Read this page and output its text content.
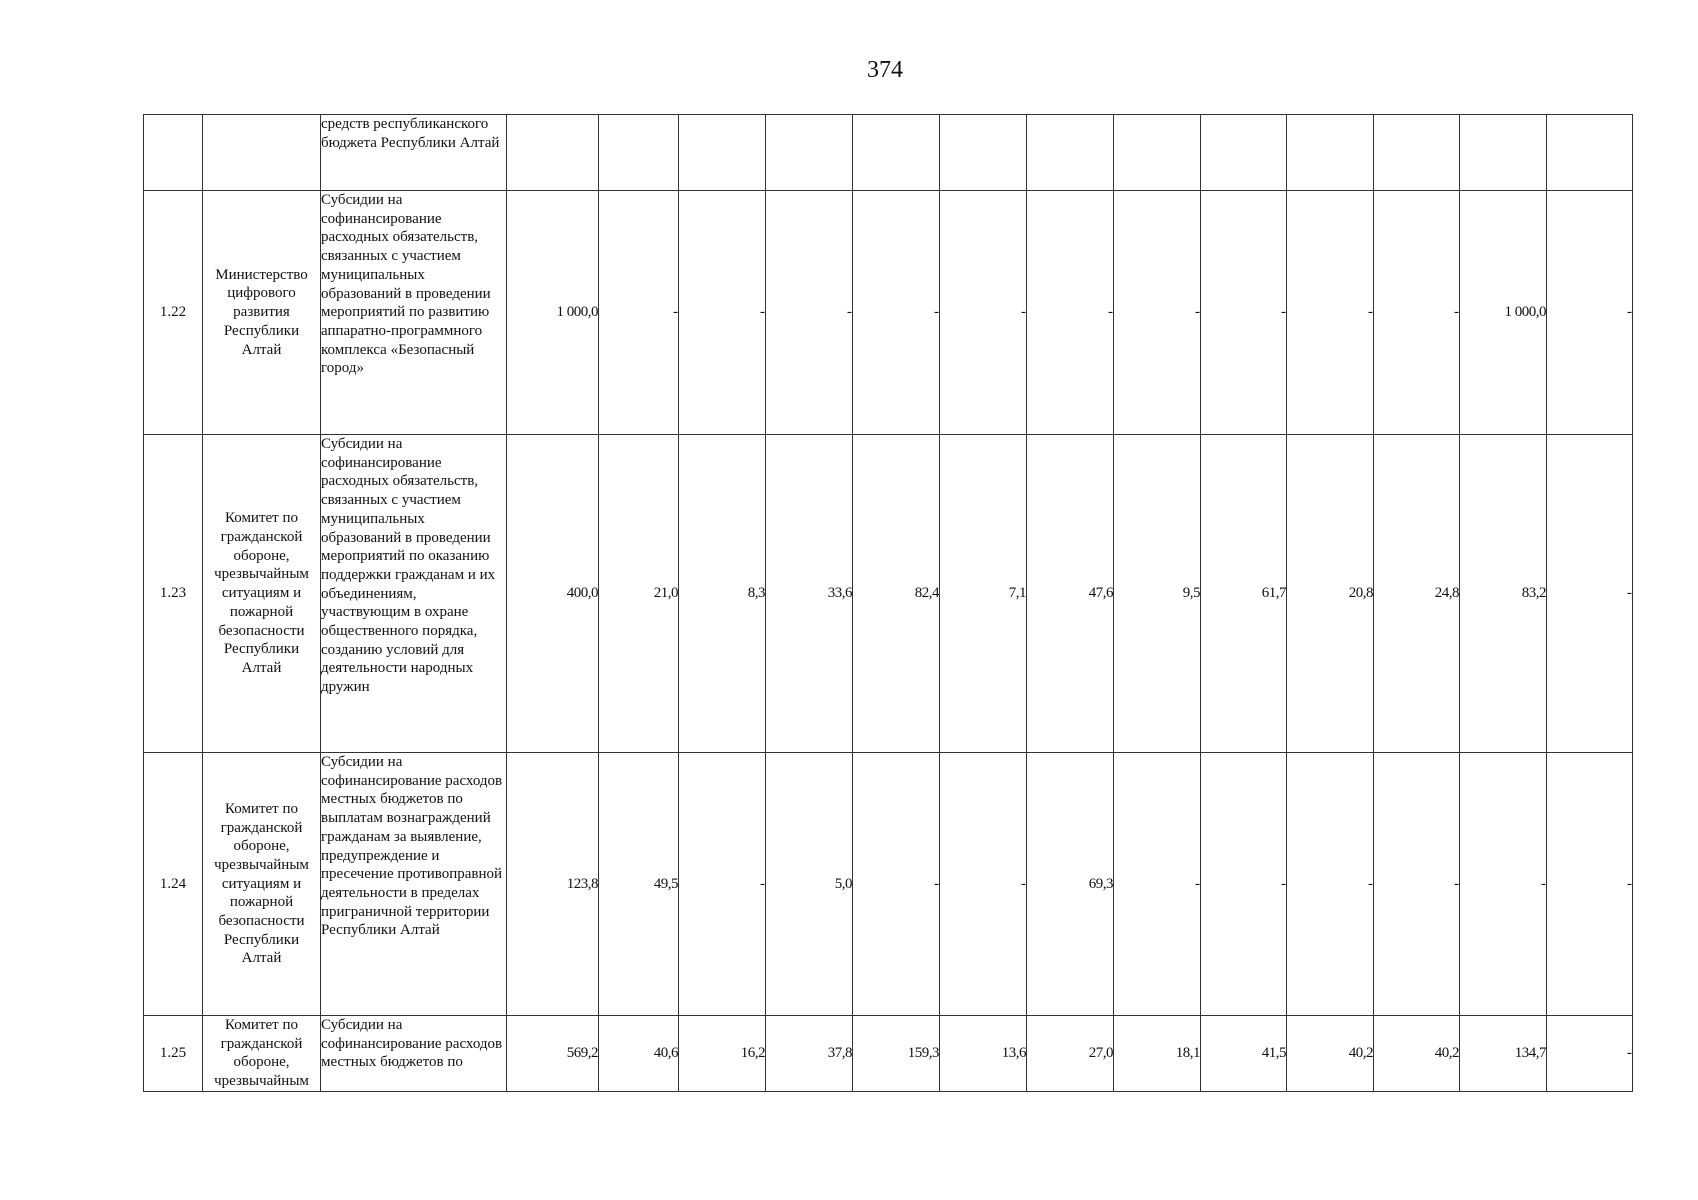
374
		средств республиканского бюджета Республики Алтай													
1.22	Министерство цифрового развития Республики Алтай	Субсидии на софинансирование расходных обязательств, связанных с участием муниципальных образований в проведении мероприятий по развитию аппаратно-программного комплекса «Безопасный город»	1 000,0	-	-	-	-	-	-	-	-	-	-	1 000,0	-
1.23	Комитет по гражданской обороне, чрезвычайным ситуациям и пожарной безопасности Республики Алтай	Субсидии на софинансирование расходных обязательств, связанных с участием муниципальных образований в проведении мероприятий по оказанию поддержки гражданам и их объединениям, участвующим в охране общественного порядка, созданию условий для деятельности народных дружин	400,0	21,0	8,3	33,6	82,4	7,1	47,6	9,5	61,7	20,8	24,8	83,2	-
1.24	Комитет по гражданской обороне, чрезвычайным ситуациям и пожарной безопасности Республики Алтай	Субсидии на софинансирование расходов местных бюджетов по выплатам вознаграждений гражданам за выявление, предупреждение и пресечение противоправной деятельности в пределах приграничной территории Республики Алтай	123,8	49,5	-	5,0	-	-	69,3	-	-	-	-	-	-
1.25	Комитет по гражданской обороне, чрезвычайным	Субсидии на софинансирование расходов местных бюджетов по	569,2	40,6	16,2	37,8	159,3	13,6	27,0	18,1	41,5	40,2	40,2	134,7	-
